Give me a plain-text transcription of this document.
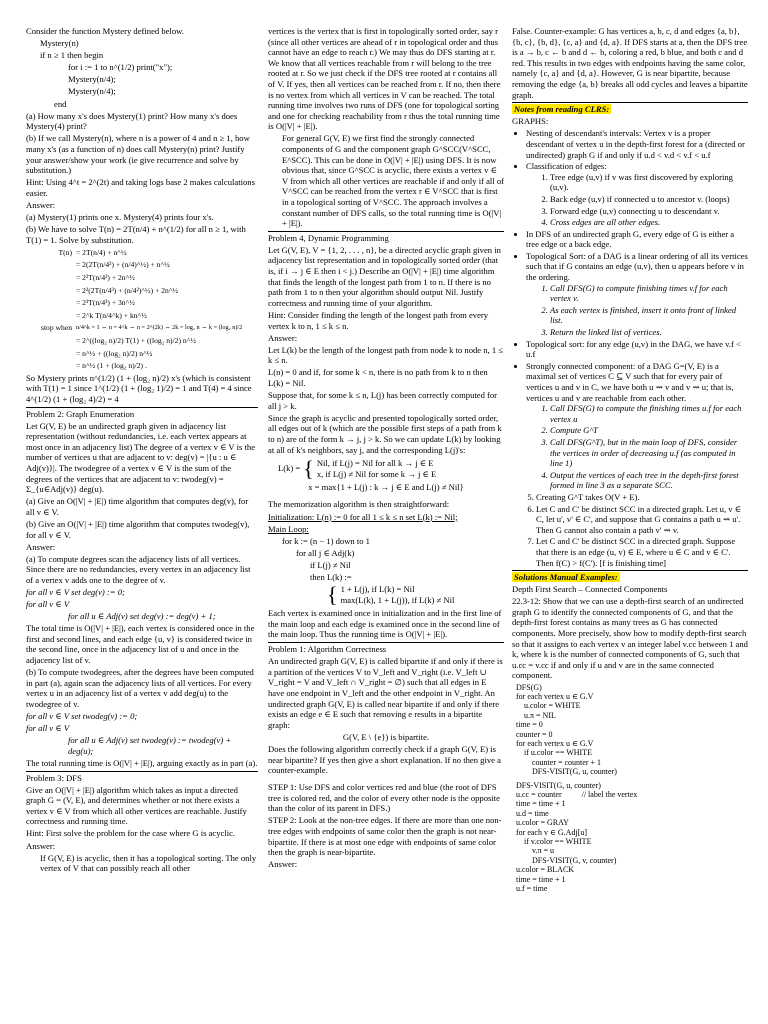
Consider the function Mystery defined below.

Mystery(n)

if n ≥ 1 then begin

for i := 1 to n^(1/2) print("x");

Mystery(n/4);

Mystery(n/4);

end

(a) How many x's does Mystery(1) print? How many x's does Mystery(4) print?

(b) If we call Mystery(n), where n is a power of 4 and n ≥ 1, how many x's (as a function of n) does call Mystery(n) print? Justify your answer/show your work (ie give recurrence and solve by substitution.)

Hint: Using 4^t = 2^(2t) and taking logs base 2 makes calculations easier.

Answer:

(a) Mystery(1) prints one x. Mystery(4) prints four x's.

(b) We have to solve T(n) = 2T(n/4) + n^(1/2) for all n ≥ 1, with T(1) = 1. Solve by substitution.

T(n) = 2T(n/4) + n^½
= 2(2T(n/4²) + (n/4)^½) + n^½
= 2²T(n/4²) + 2n^½
= 2²(2T(n/4³) + (n/4²)^½) + 2n^½
= 2³T(n/4³) + 3n^½
= 2^k T(n/4^k) + kn^½
stop when n/4^k = 1 ⇔ n = 4^k ⇔ n = 2^(2k) ⇔ 2k = log₂ n ⇔ k = (log₂ n)/2
= 2^((log₂ n)/2) T(1) + ((log₂ n)/2) n^½
= n^½ + ((log₂ n)/2) n^½
= n^½ (1 + (log₂ n)/2) .

So Mystery prints n^(1/2) (1 + (log₂ n)/2) x's (which is consistent with T(1) = 1 since 1^(1/2) (1 + (log₂ 1)/2) = 1 and T(4) = 4 since 4^(1/2) (1 + (log₂ 4)/2) = 4

Problem 2: Graph Enumeration

Let G(V, E) be an undirected graph given in adjacency list representation (without redundancies, i.e. each vertex appears at most once in an adjacency list) The degree of a vertex v ∈ V is the number of vertices u that are adjacent to v: deg(v) = |{u : u ∈ Adj(v)}|. The twodegree of a vertex v ∈ V is the sum of the degrees of the vertices that are adjacent to v: twodeg(v) = Σ_{u∈Adj(v)} deg(u).

(a) Give an O(|V| + |E|) time algorithm that computes deg(v), for all v ∈ V.

(b) Give an O(|V| + |E|) time algorithm that computes twodeg(v), for all v ∈ V.

Answer:

(a) To compute degrees scan the adjacency lists of all vertices. Since there are no redundancies, every vertex in an adjacency list of a vertex v adds one to the degree of v.

for all v ∈ V set deg(v) := 0;

for all v ∈ V

for all u ∈ Adj(v) set deg(v) := deg(v) + 1;

The total time is O(|V| + |E|), each vertex is considered once in the first and second lines, and each edge {u, v} is considered twice in the second line, once in the adjacency list of u and once in the adjacency list of v.

(b) To compute twodegrees, after the degrees have been computed in part (a), again scan the adjacency lists of all vertices. For every vertex u in an adjacency list of a vertex v add deg(u) to the twodegree of v.

for all v ∈ V set twodeg(v) := 0;

for all v ∈ V

for all u ∈ Adj(v) set twodeg(v) := twodeg(v) + deg(u);

The total running time is O(|V| + |E|), arguing exactly as in part (a).

Problem 3: DFS

Give an O(|V| + |E|) algorithm which takes as input a directed graph G = (V, E), and determines whether or not there exists a vertex v ∈ V from which all other vertices are reachable. Justify correctness and running time.

Hint: First solve the problem for the case where G is acyclic.

Answer:

If G(V, E) is acyclic, then it has a topological sorting. The only vertex of V that can possibly reach all other

vertices is the vertex that is first in topologically sorted order, say r (since all other vertices are ahead of r in topological order and thus cannot have an edge to reach r.) We may thus do DFS starting at r. We know that all vertices reachable from r will belong to the tree rooted at r. So we just check if the DFS tree rooted at r contains all of V. If yes, then all vertices can be reached from r. If no, then there is no vertex from which all vertices in V can be reached. The total running time involves two runs of DFS (one for topological sorting and one for checking reachability from r thus the total running time is O(|V| + |E|).

For general G(V, E) we first find the strongly connected components of G and the component graph G^SCC(V^SCC, E^SCC). This can be done in O(|V| + |E|) using DFS. It is now obvious that, since G^SCC is acyclic, there exists a vertex v ∈ V from which all other vertices are reachable if and only if all of V^SCC can be reached from the vertex r ∈ V^SCC that is first in a topological sorting of V^SCC. The approach involves a constant number of DFS calls, so the total running time is O(|V| + |E|).

Problem 4, Dynamic Programming

Let G(V, E), V = {1, 2, . . . , n}, be a directed acyclic graph given in adjacency list representation and in topologically sorted order (that is, if i → j ∈ E then i < j.) Describe an O(|V| + |E|) time algorithm that finds the length of the longest path from 1 to n. If there is no path from 1 to n then your algorithm should output Nil. Justify correctness and running time of your algorithm.

Hint: Consider finding the length of the longest path from every vertex k to n, 1 ≤ k ≤ n.

Answer:

Let L(k) be the length of the longest path from node k to node n, 1 ≤ k ≤ n.

L(n) = 0 and if, for some k < n, there is no path from k to n then L(k) = Nil.

Suppose that, for some k ≤ n, L(j) has been correctly computed for all j > k.

Since the graph is acyclic and presented topologically sorted order, all edges out of k (which are the possible first steps of a path from k to n) are of the form k → j, j > k. So we can update L(k) by looking at all of k's neighbors, say j, and the corresponding L(j)'s:

L(k) = { Nil, if L(j) = Nil for all k → j ∈ E
x, if L(j) ≠ Nil for some k → j ∈ E

x = max{1 + L(j) : k → j ∈ E and L(j) ≠ Nil}

The memorization algorithm is then straightforward:

Initialization: L(n) := 0 for all 1 ≤ k ≤ n set L(k) := Nil;

Main Loop:

for k := (n − 1) down to 1

for all j ∈ Adj(k)

if L(j) ≠ Nil

then L(k) :=

{ 1 + L(j), if L(k) = Nil
max(L(k), 1 + L(j)), if L(k) ≠ Nil

Each vertex is examined once in initialization and in the first line of the main loop and each edge is examined once in the second line of the main loop. Thus the running time is O(|V| + |E|).

Problem 1: Algorithm Correctness

An undirected graph G(V, E) is called bipartite if and only if there is a partition of the vertices V to V_left and V_right (i.e. V_left ∪ V_right = V and V_left ∩ V_right = ∅) such that all edges in E have one endpoint in V_left and the other endpoint in V_right. An undirected graph G(V, E) is called near bipartite if and only if there exists an edge e ∈ E such that removing e results in a bipartite graph:

G(V, E \ {e}) is bipartite.

Does the following algorithm correctly check if a graph G(V, E) is near bipartite? If yes then give a short explanation. If no then give a counter-example.

STEP 1: Use DFS and color vertices red and blue (the root of DFS tree is colored red, and the color of every other node is the opposite than the color of its parent in DFS.)

STEP 2: Look at the non-tree edges. If there are more than one non-tree edges with endpoints of same color then the graph is not near-bipartite. If there is at most one edge with endpoints of same color then the graph is near-bipartite.

Answer:

False. Counter-example: G has vertices a, b, c, d and edges {a, b}, {b, c}, {b, d}, {c, a} and {d, a}. If DFS starts at a, then the DFS tree is a → b, c ← b and d ← b, coloring a red, b blue, and both c and d red. This results in two edges with endpoints having the same color, namely {c, a} and {d, a}. However, G is near bipartite, because removing the edge {a, b} breaks all odd cycles and leaves a bipartite graph.

Notes from reading CLRS:

GRAPHS:

• Nesting of descendant's intervals: Vertex v is a proper descendant of vertex u in the depth-first forest for a (directed or undirected) graph G if and only if u.d < v.d < v.f < u.f
• Classification of edges:
1. Tree edge (u,v) if v was first discovered by exploring (u,v).
2. Back edge (u,v) if connected u to ancestor v. (loops)
3. Forward edge (u,v) connecting u to descendant v.
4. Cross edges are all other edges.
• In DFS of an undirected graph G, every edge of G is either a tree edge or a back edge.
• Topological Sort: of a DAG is a linear ordering of all its vertices such that if G contains an edge (u,v), then u appears before v in the ordering.
1. Call DFS(G) to compute finishing times v.f for each vertex v.
2. As each vertex is finished, insert it onto front of linked list.
3. Return the linked list of vertices.
• Topological sort: for any edge (u,v) in the DAG, we have v.f < u.f
• Strongly connected component: of a DAG G=(V, E) is a maximal set of vertices C ⊆ V such that for every pair of vertices u and v in C, we have both u ⇝ v and v ⇝ u; that is, vertices u and v are reachable from each other.
1. Call DFS(G) to compute the finishing times u.f for each vertex u
2. Compute G^T
3. Call DFS(G^T), but in the main loop of DFS, consider the vertices in order of decreasing u.f (as computed in line 1)
4. Output the vertices of each tree in the depth-first forest formed in line 3 as a separate SCC.
5. Creating G^T takes O(V + E).
6. Let C and C' be distinct SCC in a directed graph. Let u, v ∈ C, let u', v' ∈ C', and suppose that G contains a path u ⇝ u'. Then G cannot also contain a path v' ⇝ v.
7. Let C and C' be distinct SCC in a directed graph. Suppose that there is an edge (u, v) ∈ E, where u ∈ C and v ∈ C'. Then f(C) > f(C'). [f is finishing time]

Solutions Manual Examples:

Depth First Search – Connected Components

22.3-12: Show that we can use a depth-first search of an undirected graph G to identify the connected components of G, and that the depth-first forest contains as many trees as G has connected components. More precisely, show how to modify depth-first search so that it assigns to each vertex v an integer label v.cc between 1 and k, where k is the number of connected components of G, such that u.cc = v.cc if and only if u and v are in the same connected component.

DFS(G)
for each vertex u ∈ G.V
u.color = WHITE
u.π = NIL
time = 0
counter = 0
for each vertex u ∈ G.V
if u.color == WHITE
counter = counter + 1
DFS-VISIT(G, u, counter)
DFS-VISIT(G, u, counter)
u.cc = counter          // label the vertex
time = time + 1
u.d = time
u.color = GRAY
for each v ∈ G.Adj[u]
if v.color == WHITE
v.π = u
DFS-VISIT(G, v, counter)
u.color = BLACK
time = time + 1
u.f = time
